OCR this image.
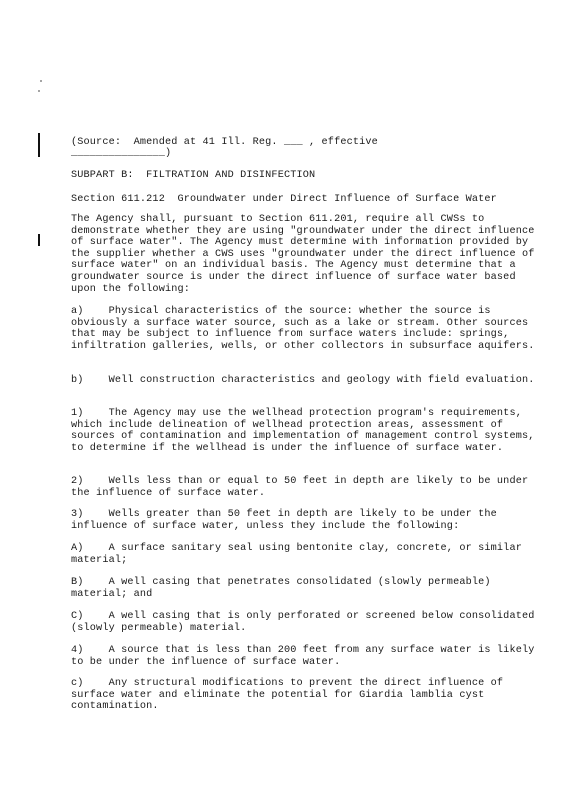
(Source:  Amended at 41 Ill. Reg. ___ , effective
_______________)
SUBPART B:  FILTRATION AND DISINFECTION
Section 611.212  Groundwater under Direct Influence of Surface Water
The Agency shall, pursuant to Section 611.201, require all CWSs to demonstrate whether they are using "groundwater under the direct influence of surface water". The Agency must determine with information provided by the supplier whether a CWS uses "groundwater under the direct influence of surface water" on an individual basis. The Agency must determine that a groundwater source is under the direct influence of surface water based upon the following:
a)    Physical characteristics of the source: whether the source is obviously a surface water source, such as a lake or stream. Other sources that may be subject to influence from surface waters include: springs, infiltration galleries, wells, or other collectors in subsurface aquifers.
b)    Well construction characteristics and geology with field evaluation.
1)    The Agency may use the wellhead protection program's requirements, which include delineation of wellhead protection areas, assessment of sources of contamination and implementation of management control systems, to determine if the wellhead is under the influence of surface water.
2)    Wells less than or equal to 50 feet in depth are likely to be under the influence of surface water.
3)    Wells greater than 50 feet in depth are likely to be under the influence of surface water, unless they include the following:
A)    A surface sanitary seal using bentonite clay, concrete, or similar material;
B)    A well casing that penetrates consolidated (slowly permeable) material; and
C)    A well casing that is only perforated or screened below consolidated (slowly permeable) material.
4)    A source that is less than 200 feet from any surface water is likely to be under the influence of surface water.
c)    Any structural modifications to prevent the direct influence of surface water and eliminate the potential for Giardia lamblia cyst contamination.
